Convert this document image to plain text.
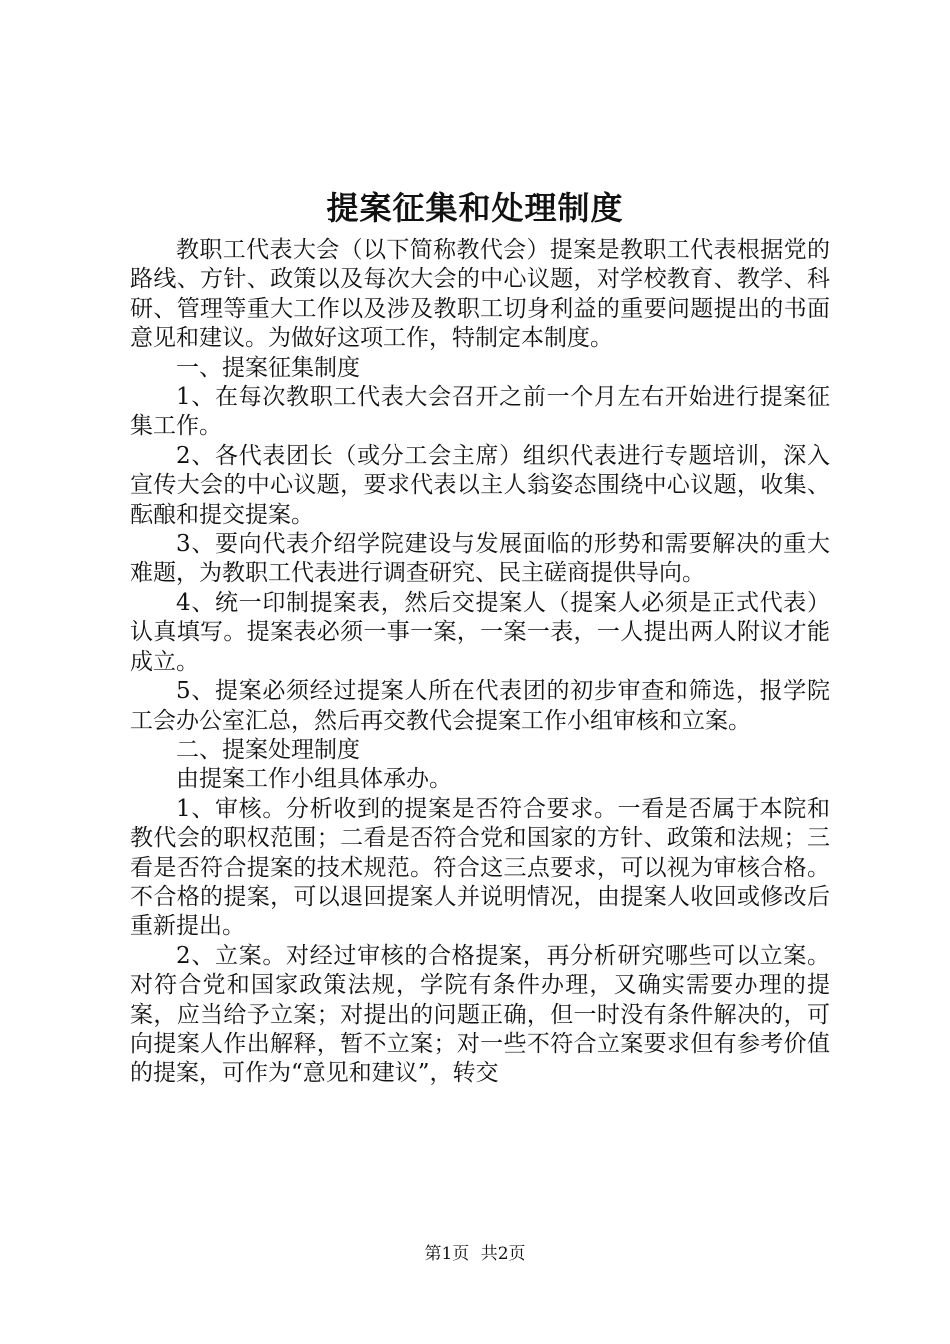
提案征集和处理制度

教职工代表大会（以下简称教代会）提案是教职工代表根据党的路线、方针、政策以及每次大会的中心议题，对学校教育、教学、科研、管理等重大工作以及涉及教职工切身利益的重要问题提出的书面意见和建议。为做好这项工作，特制定本制度。

一、提案征集制度

1、在每次教职工代表大会召开之前一个月左右开始进行提案征集工作。

2、各代表团长（或分工会主席）组织代表进行专题培训，深入宣传大会的中心议题，要求代表以主人翁姿态围绕中心议题，收集、酝酿和提交提案。

3、要向代表介绍学院建设与发展面临的形势和需要解决的重大难题，为教职工代表进行调查研究、民主磋商提供导向。

4、统一印制提案表，然后交提案人（提案人必须是正式代表）认真填写。提案表必须一事一案，一案一表，一人提出两人附议才能成立。

5、提案必须经过提案人所在代表团的初步审查和筛选，报学院工会办公室汇总，然后再交教代会提案工作小组审核和立案。

二、提案处理制度

由提案工作小组具体承办。

1、审核。分析收到的提案是否符合要求。一看是否属于本院和教代会的职权范围；二看是否符合党和国家的方针、政策和法规；三看是否符合提案的技术规范。符合这三点要求，可以视为审核合格。不合格的提案，可以退回提案人并说明情况，由提案人收回或修改后重新提出。

2、立案。对经过审核的合格提案，再分析研究哪些可以立案。对符合党和国家政策法规，学院有条件办理，又确实需要办理的提案，应当给予立案；对提出的问题正确，但一时没有条件解决的，可向提案人作出解释，暂不立案；对一些不符合立案要求但有参考价值的提案，可作为“意见和建议”，转交

第1页 共2页
